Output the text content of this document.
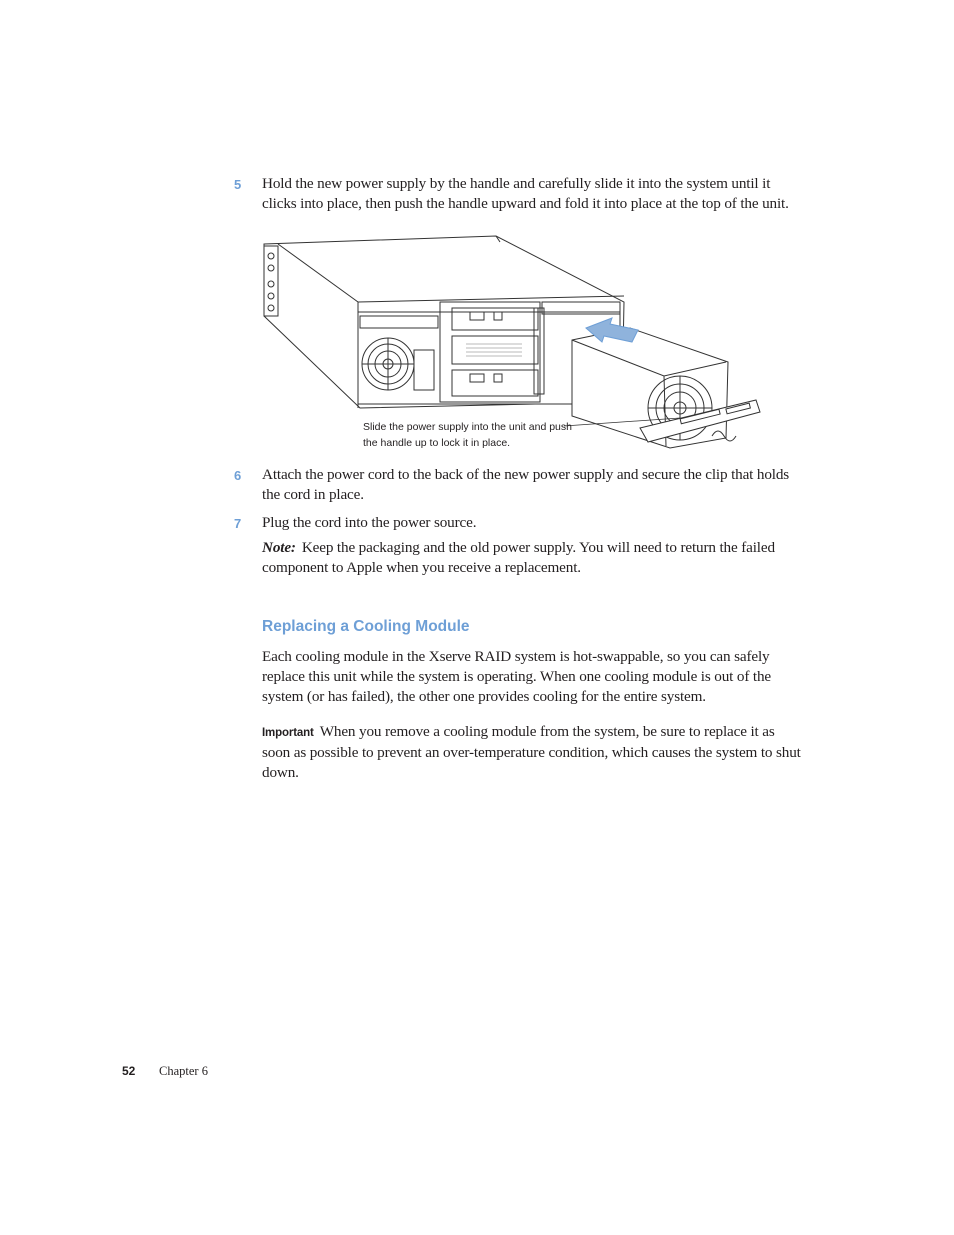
5 Hold the new power supply by the handle and carefully slide it into the system until it clicks into place, then push the handle upward and fold it into place at the top of the unit.
Slide the power supply into the unit and push the handle up to lock it in place.
6 Attach the power cord to the back of the new power supply and secure the clip that holds the cord in place.
7 Plug the cord into the power source.
Note: Keep the packaging and the old power supply. You will need to return the failed component to Apple when you receive a replacement.
Replacing a Cooling Module
Each cooling module in the Xserve RAID system is hot-swappable, so you can safely replace this unit while the system is operating. When one cooling module is out of the system (or has failed), the other one provides cooling for the entire system.
Important When you remove a cooling module from the system, be sure to replace it as soon as possible to prevent an over-temperature condition, which causes the system to shut down.
52 Chapter 6
